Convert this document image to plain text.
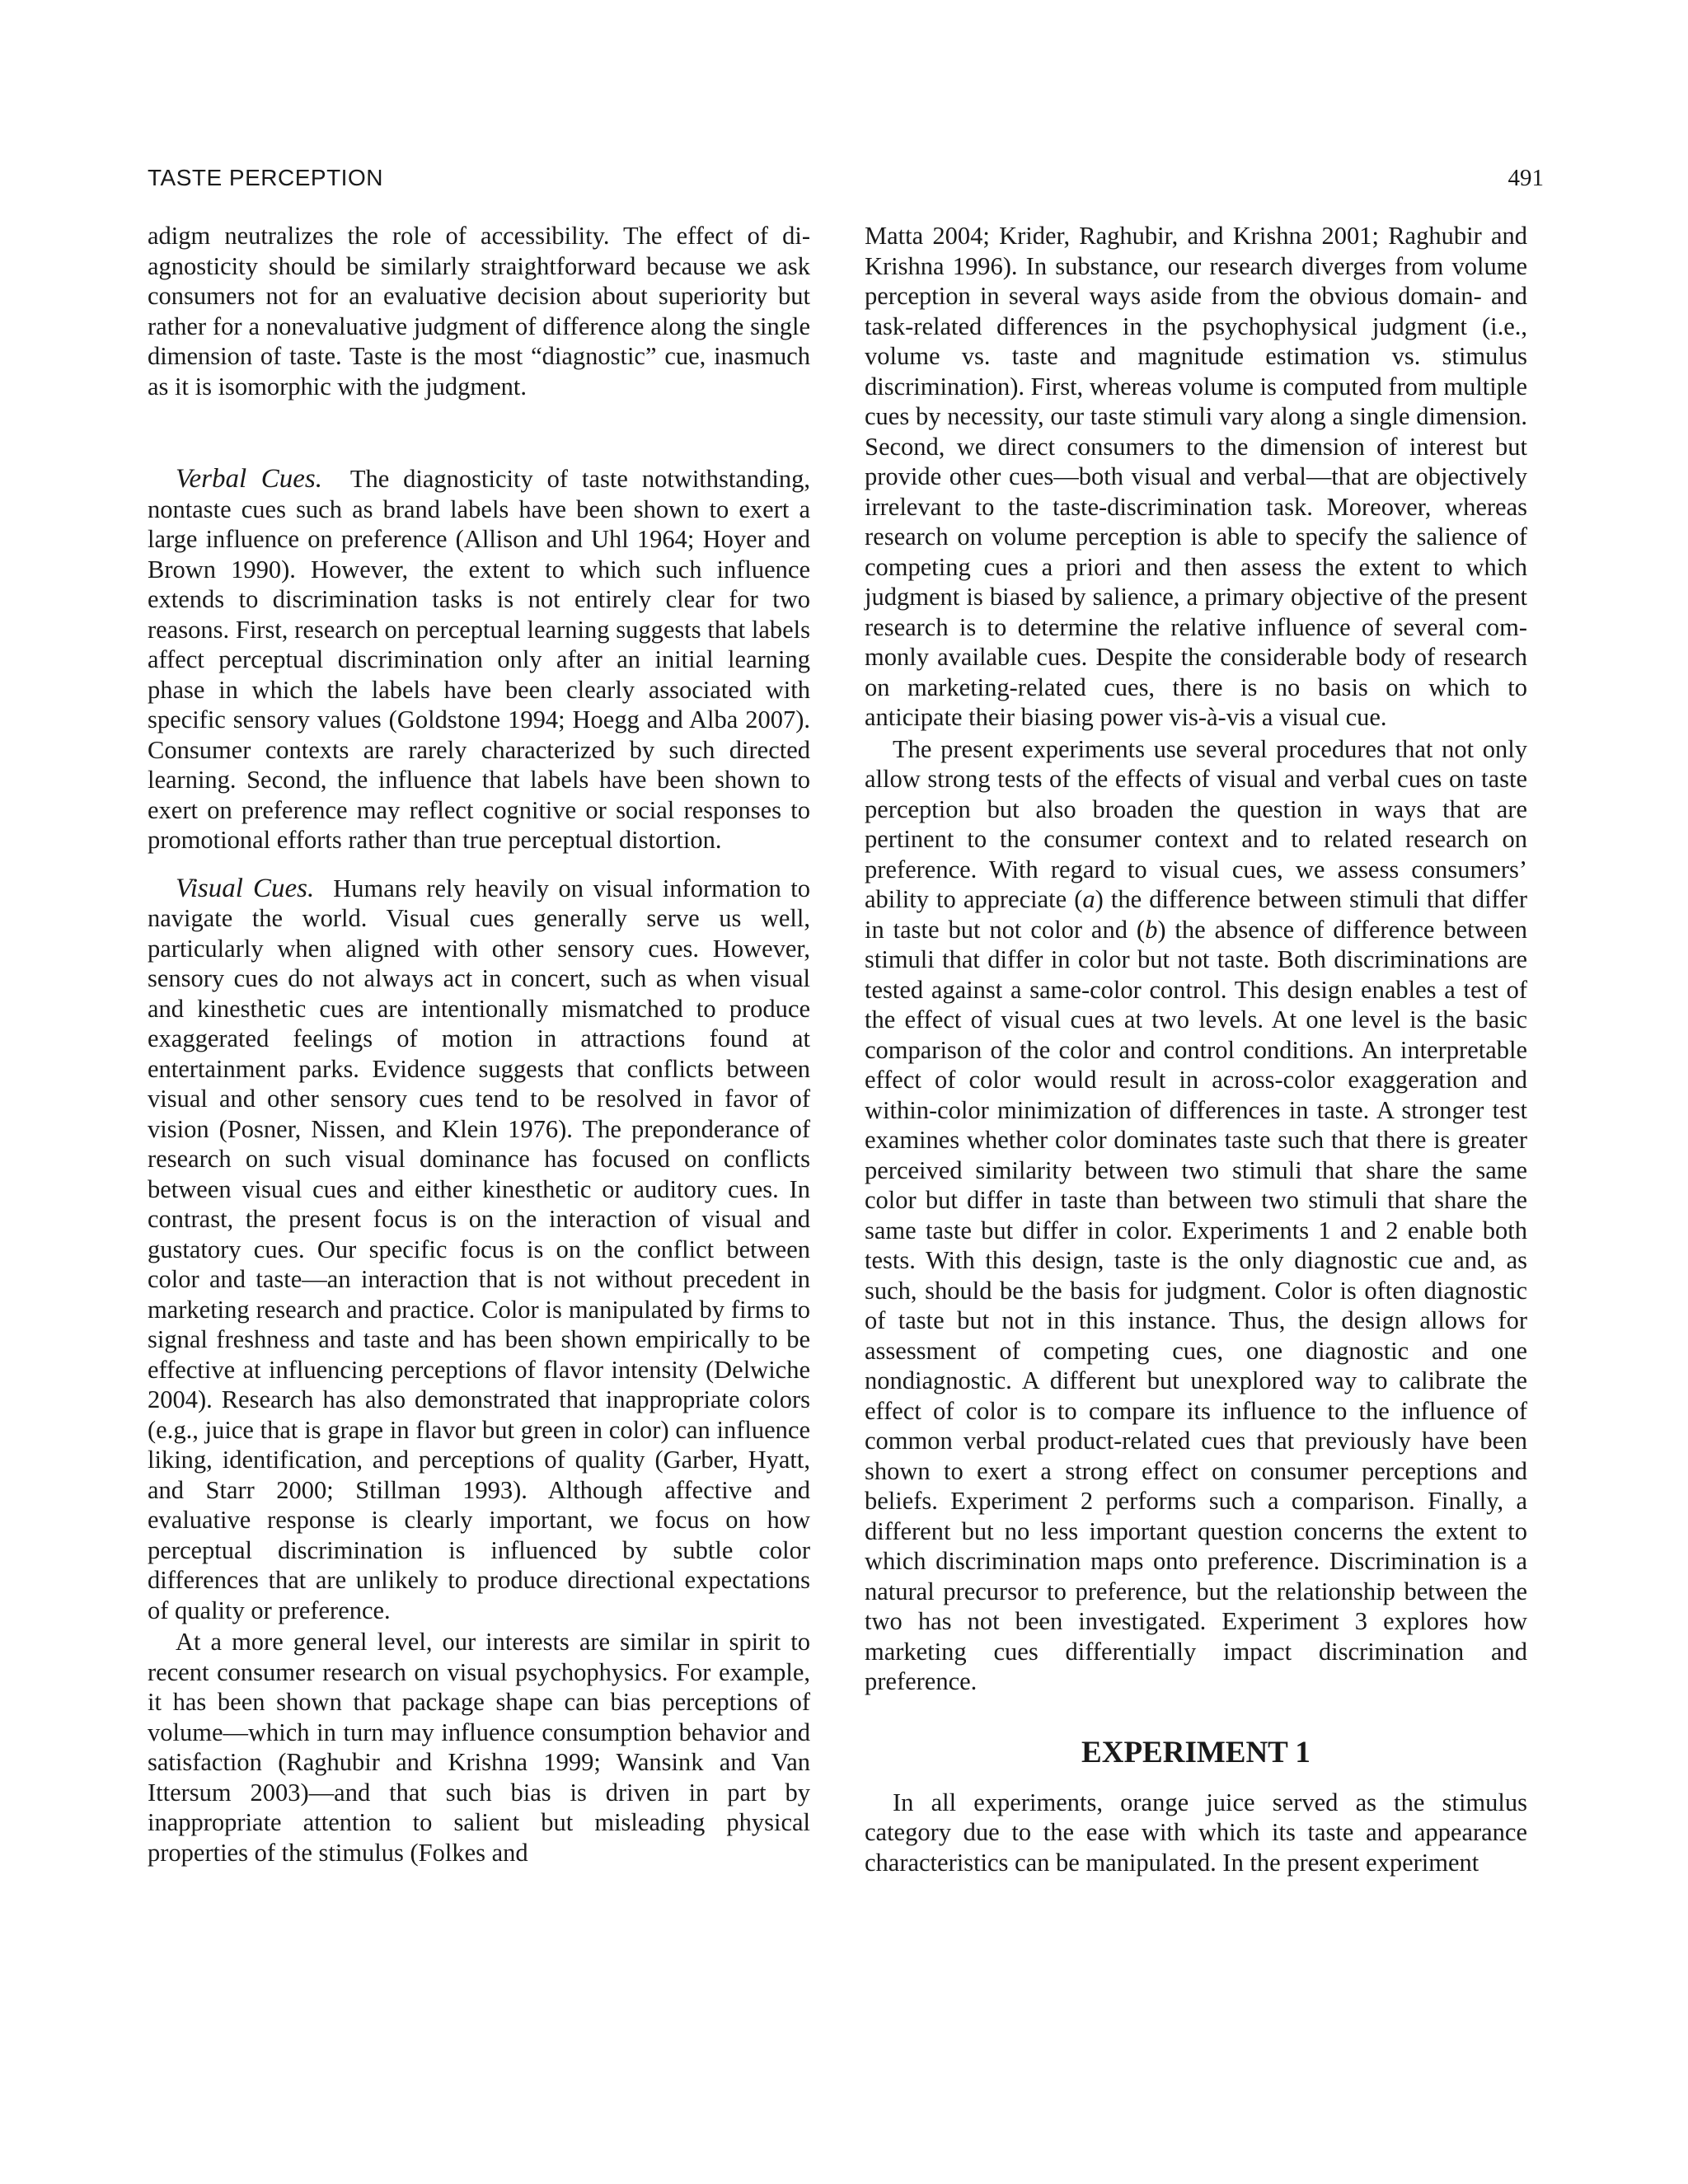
TASTE PERCEPTION	491

adigm neutralizes the role of accessibility. The effect of diagnosticity should be similarly straightforward because we ask consumers not for an evaluative decision about superiority but rather for a nonevaluative judgment of difference along the single dimension of taste. Taste is the most “diagnostic” cue, inasmuch as it is isomorphic with the judgment.

Verbal Cues. The diagnosticity of taste notwithstanding, nontaste cues such as brand labels have been shown to exert a large influence on preference (Allison and Uhl 1964; Hoyer and Brown 1990). However, the extent to which such influence extends to discrimination tasks is not entirely clear for two reasons. First, research on perceptual learning suggests that labels affect perceptual discrimination only after an initial learning phase in which the labels have been clearly associated with specific sensory values (Goldstone 1994; Hoegg and Alba 2007). Consumer contexts are rarely characterized by such directed learning. Second, the influence that labels have been shown to exert on preference may reflect cognitive or social responses to promotional efforts rather than true perceptual distortion.

Visual Cues. Humans rely heavily on visual information to navigate the world. Visual cues generally serve us well, particularly when aligned with other sensory cues. However, sensory cues do not always act in concert, such as when visual and kinesthetic cues are intentionally mismatched to produce exaggerated feelings of motion in attractions found at entertainment parks. Evidence suggests that conflicts between visual and other sensory cues tend to be resolved in favor of vision (Posner, Nissen, and Klein 1976). The preponderance of research on such visual dominance has focused on conflicts between visual cues and either kinesthetic or auditory cues. In contrast, the present focus is on the interaction of visual and gustatory cues. Our specific focus is on the conflict between color and taste—an interaction that is not without precedent in marketing research and practice. Color is manipulated by firms to signal freshness and taste and has been shown empirically to be effective at influencing perceptions of flavor intensity (Delwiche 2004). Research has also demonstrated that inappropriate colors (e.g., juice that is grape in flavor but green in color) can influence liking, identification, and perceptions of quality (Garber, Hyatt, and Starr 2000; Stillman 1993). Although affective and evaluative response is clearly important, we focus on how perceptual discrimination is influenced by subtle color differences that are unlikely to produce directional expectations of quality or preference.

At a more general level, our interests are similar in spirit to recent consumer research on visual psychophysics. For example, it has been shown that package shape can bias perceptions of volume—which in turn may influence consumption behavior and satisfaction (Raghubir and Krishna 1999; Wansink and Van Ittersum 2003)—and that such bias is driven in part by inappropriate attention to salient but misleading physical properties of the stimulus (Folkes and

Matta 2004; Krider, Raghubir, and Krishna 2001; Raghubir and Krishna 1996). In substance, our research diverges from volume perception in several ways aside from the obvious domain- and task-related differences in the psychophysical judgment (i.e., volume vs. taste and magnitude estimation vs. stimulus discrimination). First, whereas volume is computed from multiple cues by necessity, our taste stimuli vary along a single dimension. Second, we direct consumers to the dimension of interest but provide other cues—both visual and verbal—that are objectively irrelevant to the taste-discrimination task. Moreover, whereas research on volume perception is able to specify the salience of competing cues a priori and then assess the extent to which judgment is biased by salience, a primary objective of the present research is to determine the relative influence of several commonly available cues. Despite the considerable body of research on marketing-related cues, there is no basis on which to anticipate their biasing power vis-à-vis a visual cue.

The present experiments use several procedures that not only allow strong tests of the effects of visual and verbal cues on taste perception but also broaden the question in ways that are pertinent to the consumer context and to related research on preference. With regard to visual cues, we assess consumers’ ability to appreciate (a) the difference between stimuli that differ in taste but not color and (b) the absence of difference between stimuli that differ in color but not taste. Both discriminations are tested against a same-color control. This design enables a test of the effect of visual cues at two levels. At one level is the basic comparison of the color and control conditions. An interpretable effect of color would result in across-color exaggeration and within-color minimization of differences in taste. A stronger test examines whether color dominates taste such that there is greater perceived similarity between two stimuli that share the same color but differ in taste than between two stimuli that share the same taste but differ in color. Experiments 1 and 2 enable both tests. With this design, taste is the only diagnostic cue and, as such, should be the basis for judgment. Color is often diagnostic of taste but not in this instance. Thus, the design allows for assessment of competing cues, one diagnostic and one nondiagnostic. A different but unexplored way to calibrate the effect of color is to compare its influence to the influence of common verbal product-related cues that previously have been shown to exert a strong effect on consumer perceptions and beliefs. Experiment 2 performs such a comparison. Finally, a different but no less important question concerns the extent to which discrimination maps onto preference. Discrimination is a natural precursor to preference, but the relationship between the two has not been investigated. Experiment 3 explores how marketing cues differentially impact discrimination and preference.

EXPERIMENT 1

In all experiments, orange juice served as the stimulus category due to the ease with which its taste and appearance characteristics can be manipulated. In the present experiment
